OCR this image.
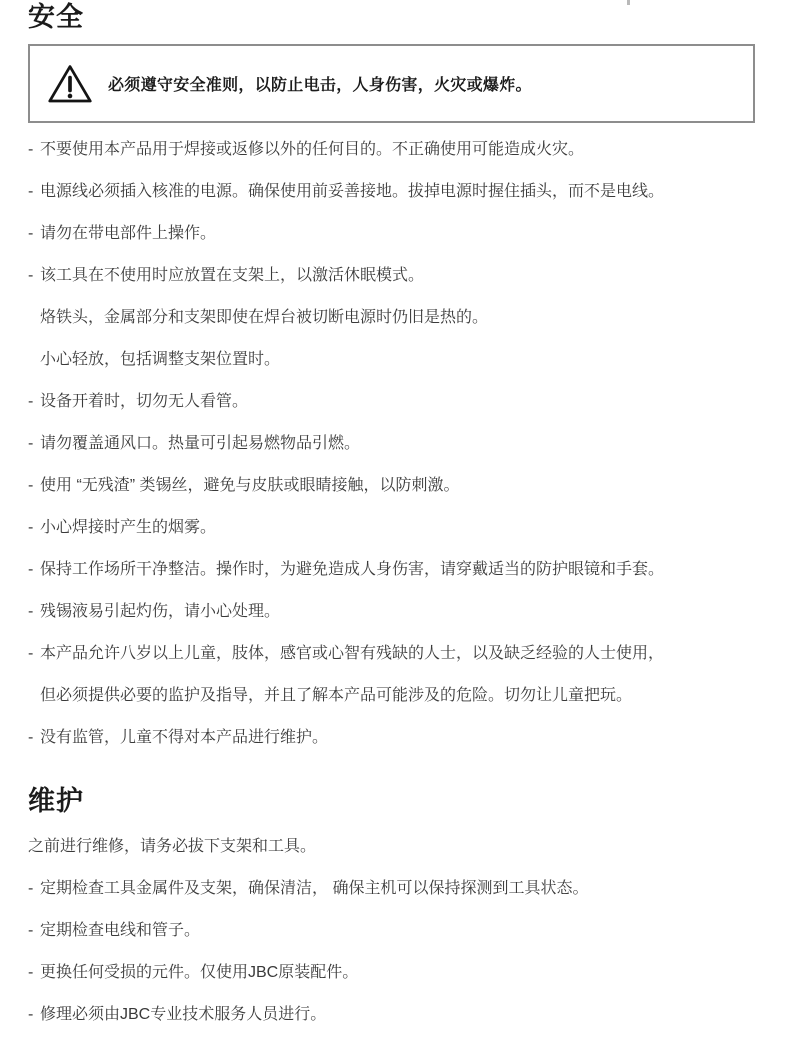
安全
必须遵守安全准则，以防止电击，人身伤害，火灾或爆炸。
- 不要使用本产品用于焊接或返修以外的任何目的。不正确使用可能造成火灾。
- 电源线必须插入核准的电源。确保使用前妥善接地。拔掉电源时握住插头，而不是电线。
- 请勿在带电部件上操作。
- 该工具在不使用时应放置在支架上，以激活休眠模式。
烙铁头，金属部分和支架即使在焊台被切断电源时仍旧是热的。
小心轻放，包括调整支架位置时。
- 设备开着时，切勿无人看管。
- 请勿覆盖通风口。热量可引起易燃物品引燃。
- 使用 “无残渣” 类锡丝，避免与皮肤或眼睛接触，以防刺激。
- 小心焊接时产生的烟雾。
- 保持工作场所干净整洁。操作时，为避免造成人身伤害，请穿戴适当的防护眼镜和手套。
- 残锡液易引起灼伤，请小心处理。
- 本产品允许八岁以上儿童，肢体，感官或心智有残缺的人士，以及缺乏经验的人士使用，
但必须提供必要的监护及指导，并且了解本产品可能涉及的危险。切勿让儿童把玩。
- 没有监管，儿童不得对本产品进行维护。
维护
之前进行维修，请务必拔下支架和工具。
- 定期检查工具金属件及支架，确保清洁， 确保主机可以保持探测到工具状态。
- 定期检查电线和管子。
- 更换任何受损的元件。仅使用JBC原装配件。
- 修理必须由JBC专业技术服务人员进行。
